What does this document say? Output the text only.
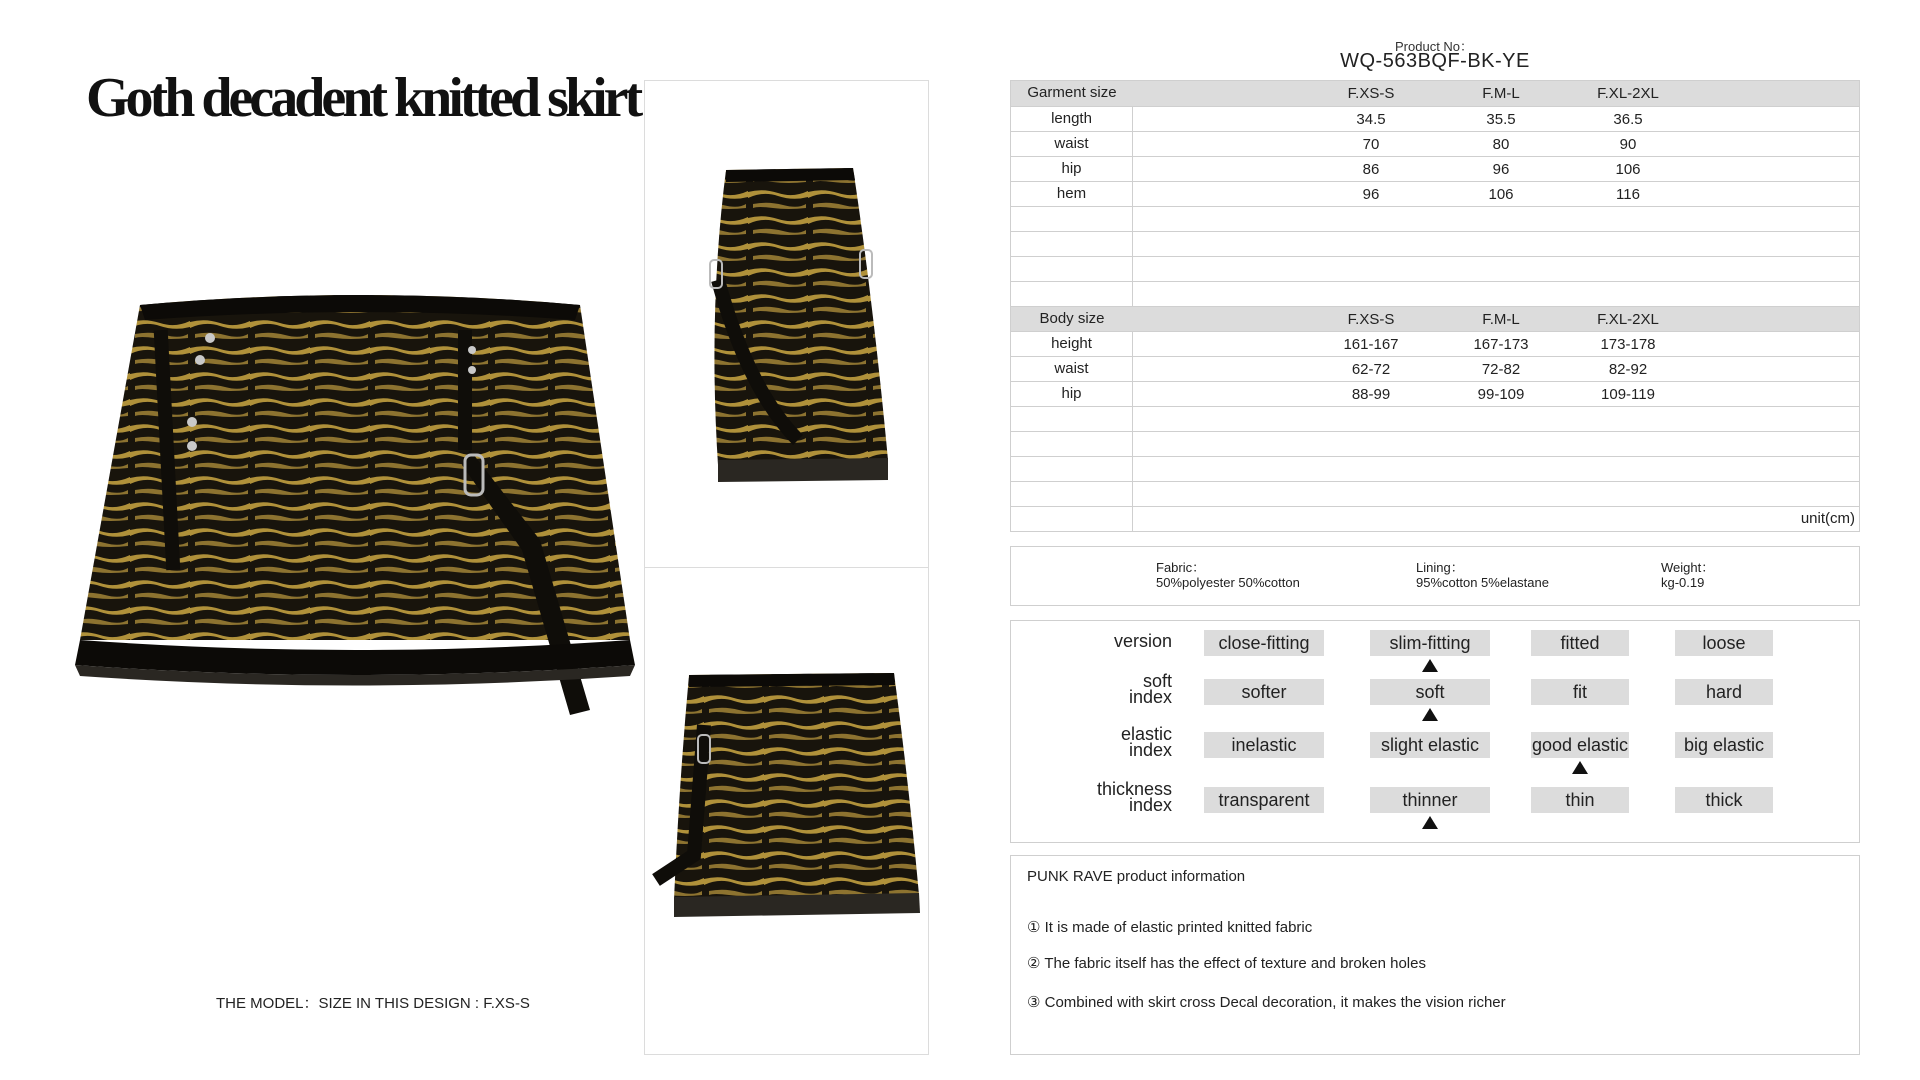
Goth decadent knitted skirt
THE MODEL：SIZE IN THIS DESIGN : F.XS-S
Product No：
WQ-563BQF-BK-YE
Garment size	F.XS-S	F.M-L	F.XL-2XL
length	34.5	35.5	36.5
waist	70	80	90
hip	86	96	106
hem	96	106	116
Body size	F.XS-S	F.M-L	F.XL-2XL
height	161-167	167-173	173-178
waist	62-72	72-82	82-92
hip	88-99	99-109	109-119
unit(cm)
Fabric：
50%polyester 50%cotton
Lining：
95%cotton 5%elastane
Weight：
kg-0.19
version	close-fitting	slim-fitting	fitted	loose
soft
index	softer	soft	fit	hard
elastic
index	inelastic	slight elastic	good elastic	big elastic
thickness
index	transparent	thinner	thin	thick
PUNK RAVE product information
① It is made of elastic printed knitted fabric
② The fabric itself has the effect of texture and broken holes
③ Combined with skirt cross Decal decoration, it makes the vision richer
